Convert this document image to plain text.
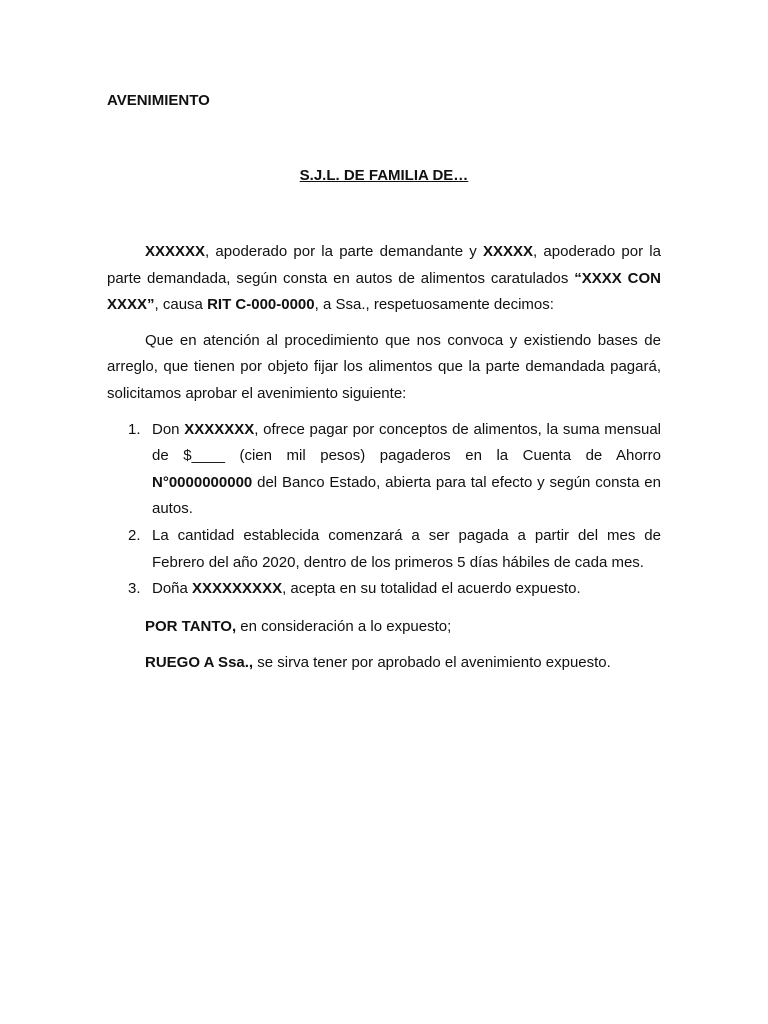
AVENIMIENTO

S.J.L. DE FAMILIA DE…

XXXXXX, apoderado por la parte demandante y XXXXX, apoderado por la parte demandada, según consta en autos de alimentos caratulados “XXXX CON XXXX”, causa RIT C-000-0000, a Ssa., respetuosamente decimos:

Que en atención al procedimiento que nos convoca y existiendo bases de arreglo, que tienen por objeto fijar los alimentos que la parte demandada pagará, solicitamos aprobar el avenimiento siguiente:

1. Don XXXXXXX, ofrece pagar por conceptos de alimentos, la suma mensual de $____ (cien mil pesos) pagaderos en la Cuenta de Ahorro N°0000000000 del Banco Estado, abierta para tal efecto y según consta en autos.
2. La cantidad establecida comenzará a ser pagada a partir del mes de Febrero del año 2020, dentro de los primeros 5 días hábiles de cada mes.
3. Doña XXXXXXXXX, acepta en su totalidad el acuerdo expuesto.

POR TANTO, en consideración a lo expuesto;

RUEGO A Ssa., se sirva tener por aprobado el avenimiento expuesto.
